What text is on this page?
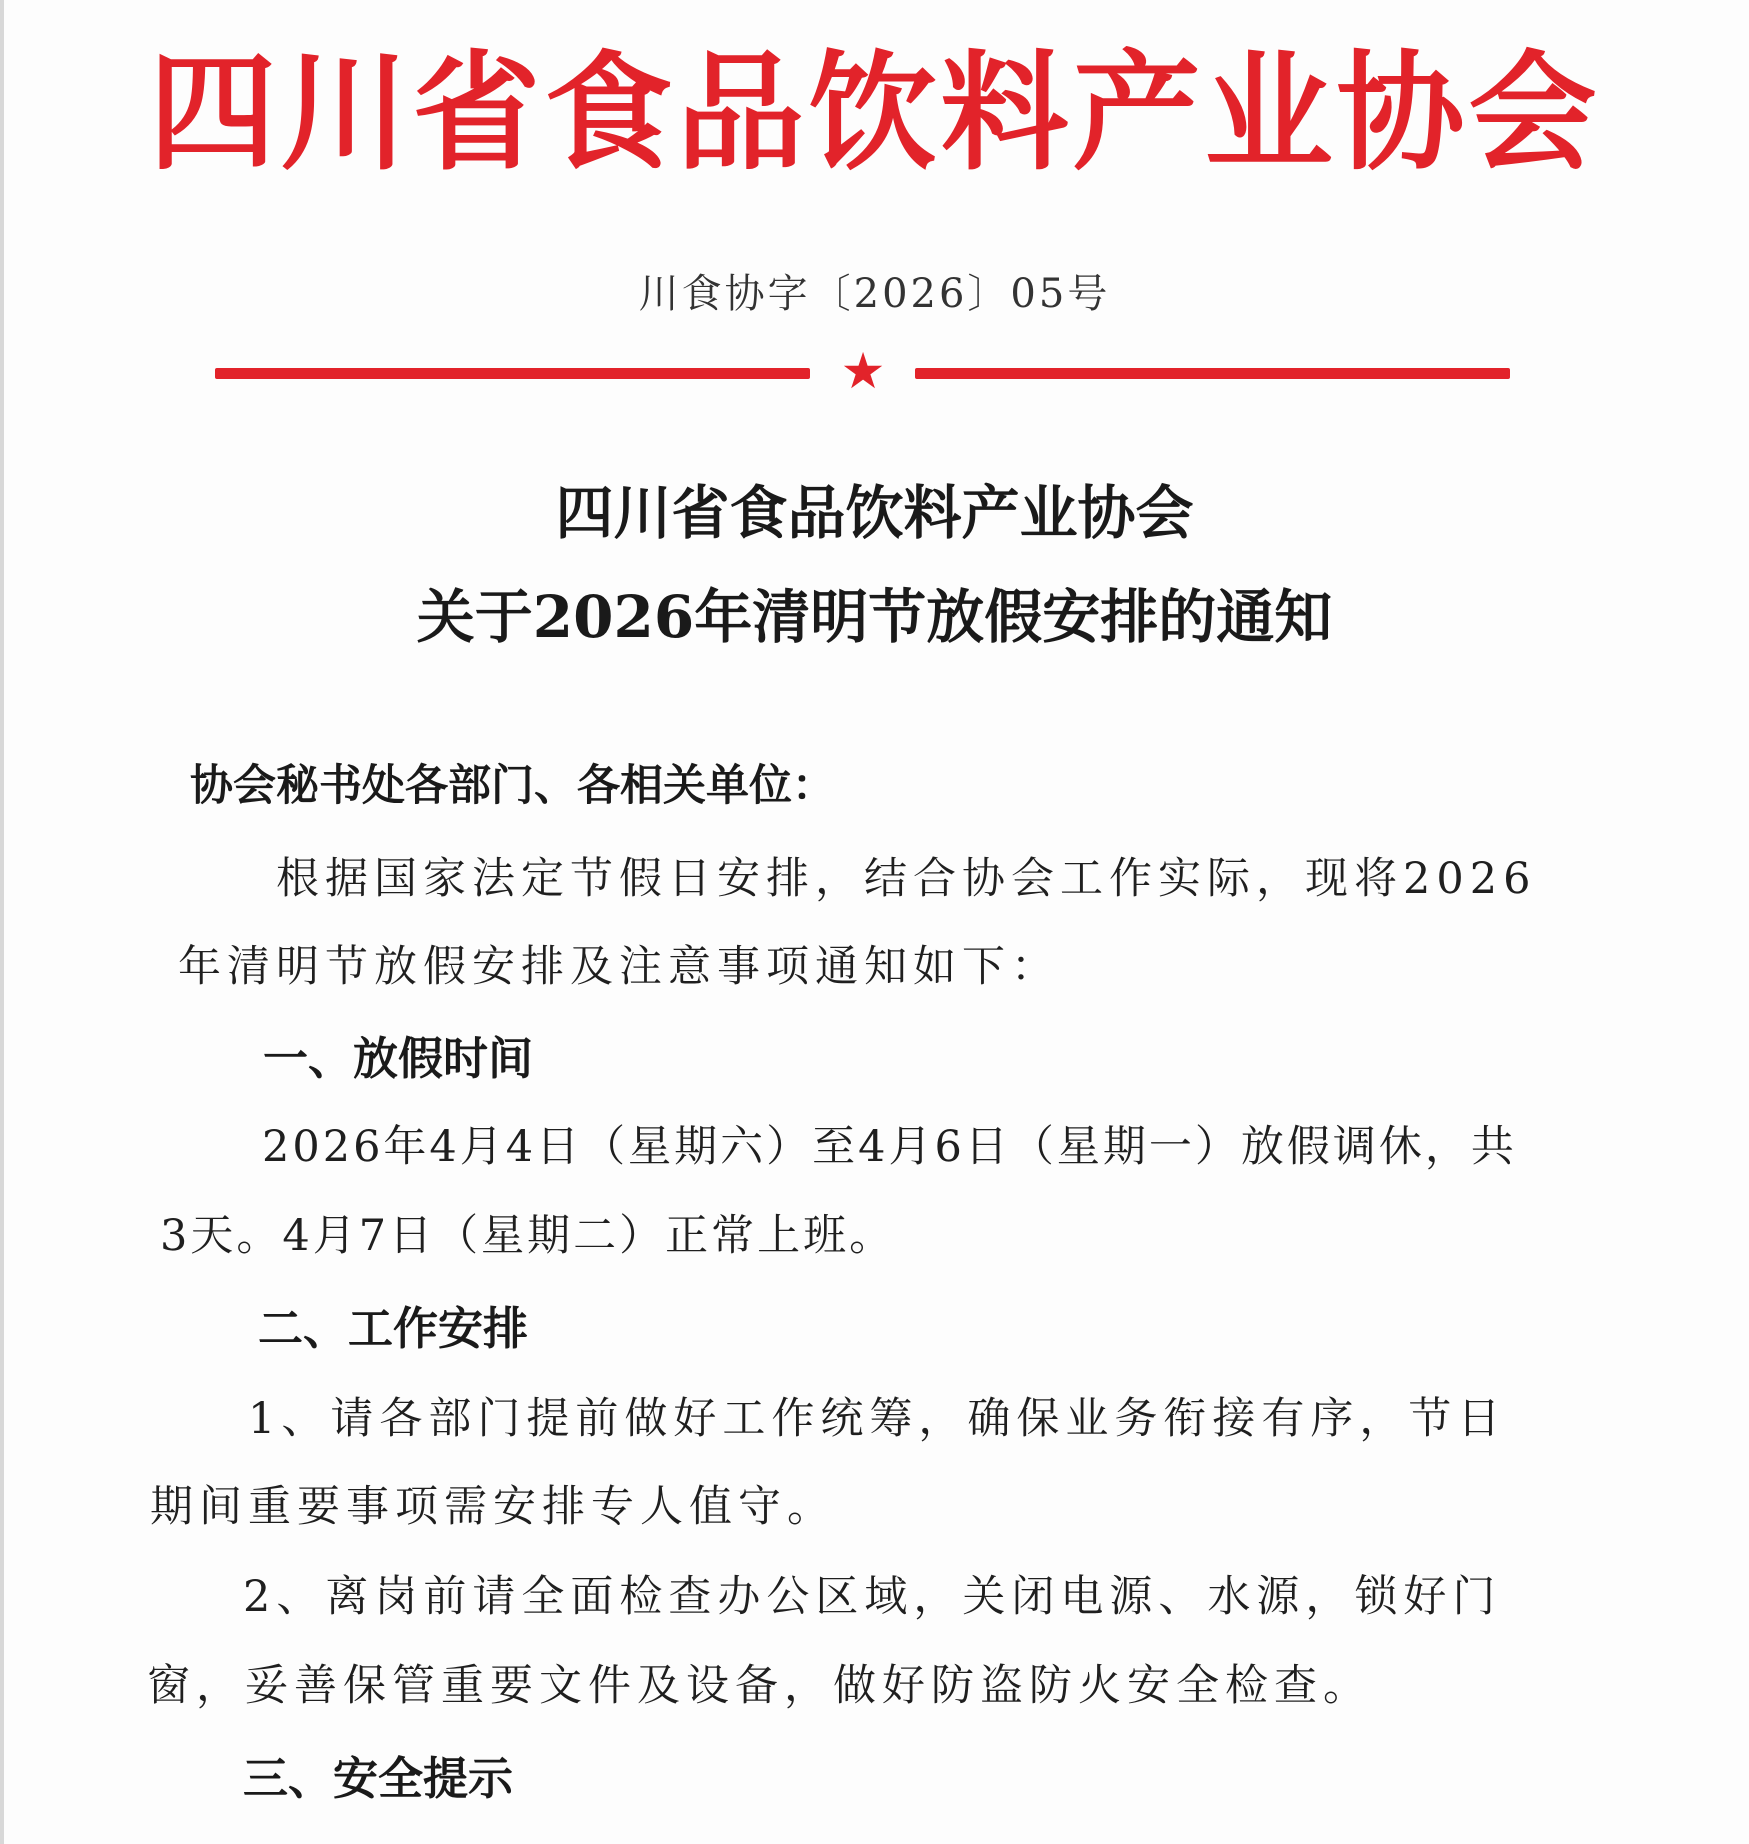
四川省食品饮料产业协会
川食协字〔2026〕05号
★
四川省食品饮料产业协会
关于2026年清明节放假安排的通知
协会秘书处各部门、各相关单位：
根据国家法定节假日安排，结合协会工作实际，现将2026
年清明节放假安排及注意事项通知如下：
一、放假时间
2026年4月4日（星期六）至4月6日（星期一）放假调休，共
3天。4月7日（星期二）正常上班。
二、工作安排
1、请各部门提前做好工作统筹，确保业务衔接有序，节日
期间重要事项需安排专人值守。
2、离岗前请全面检查办公区域，关闭电源、水源，锁好门
窗，妥善保管重要文件及设备，做好防盗防火安全检查。
三、安全提示
